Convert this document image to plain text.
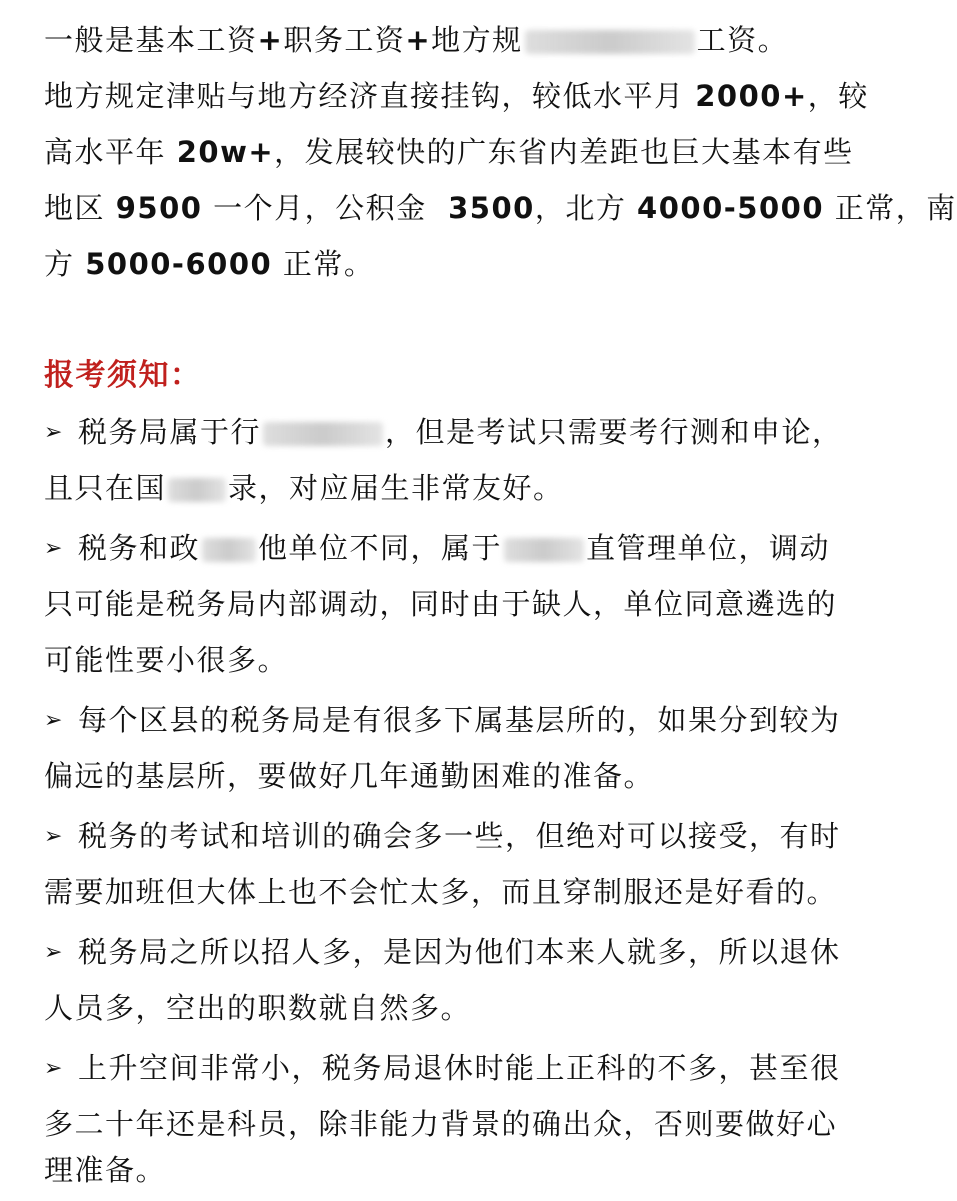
一般是基本工资+职务工资+地方规	工资。
地方规定津贴与地方经济直接挂钩，较低水平月 2000+，较
高水平年 20w+，发展较快的广东省内差距也巨大基本有些
地区 9500 一个月，公积金  3500，北方 4000-5000 正常，南
方 5000-6000 正常。
报考须知：
➢ 税务局属于行	，但是考试只需要考行测和申论，
且只在国 录，对应届生非常友好。
➢ 税务和政 他单位不同，属于	直管理单位，调动
只可能是税务局内部调动，同时由于缺人，单位同意遴选的
可能性要小很多。
➢ 每个区县的税务局是有很多下属基层所的，如果分到较为
偏远的基层所，要做好几年通勤困难的准备。
➢ 税务的考试和培训的确会多一些，但绝对可以接受，有时
需要加班但大体上也不会忙太多，而且穿制服还是好看的。
➢ 税务局之所以招人多，是因为他们本来人就多，所以退休
人员多，空出的职数就自然多。
➢ 上升空间非常小，税务局退休时能上正科的不多，甚至很
多二十年还是科员，除非能力背景的确出众，否则要做好心
理准备。
